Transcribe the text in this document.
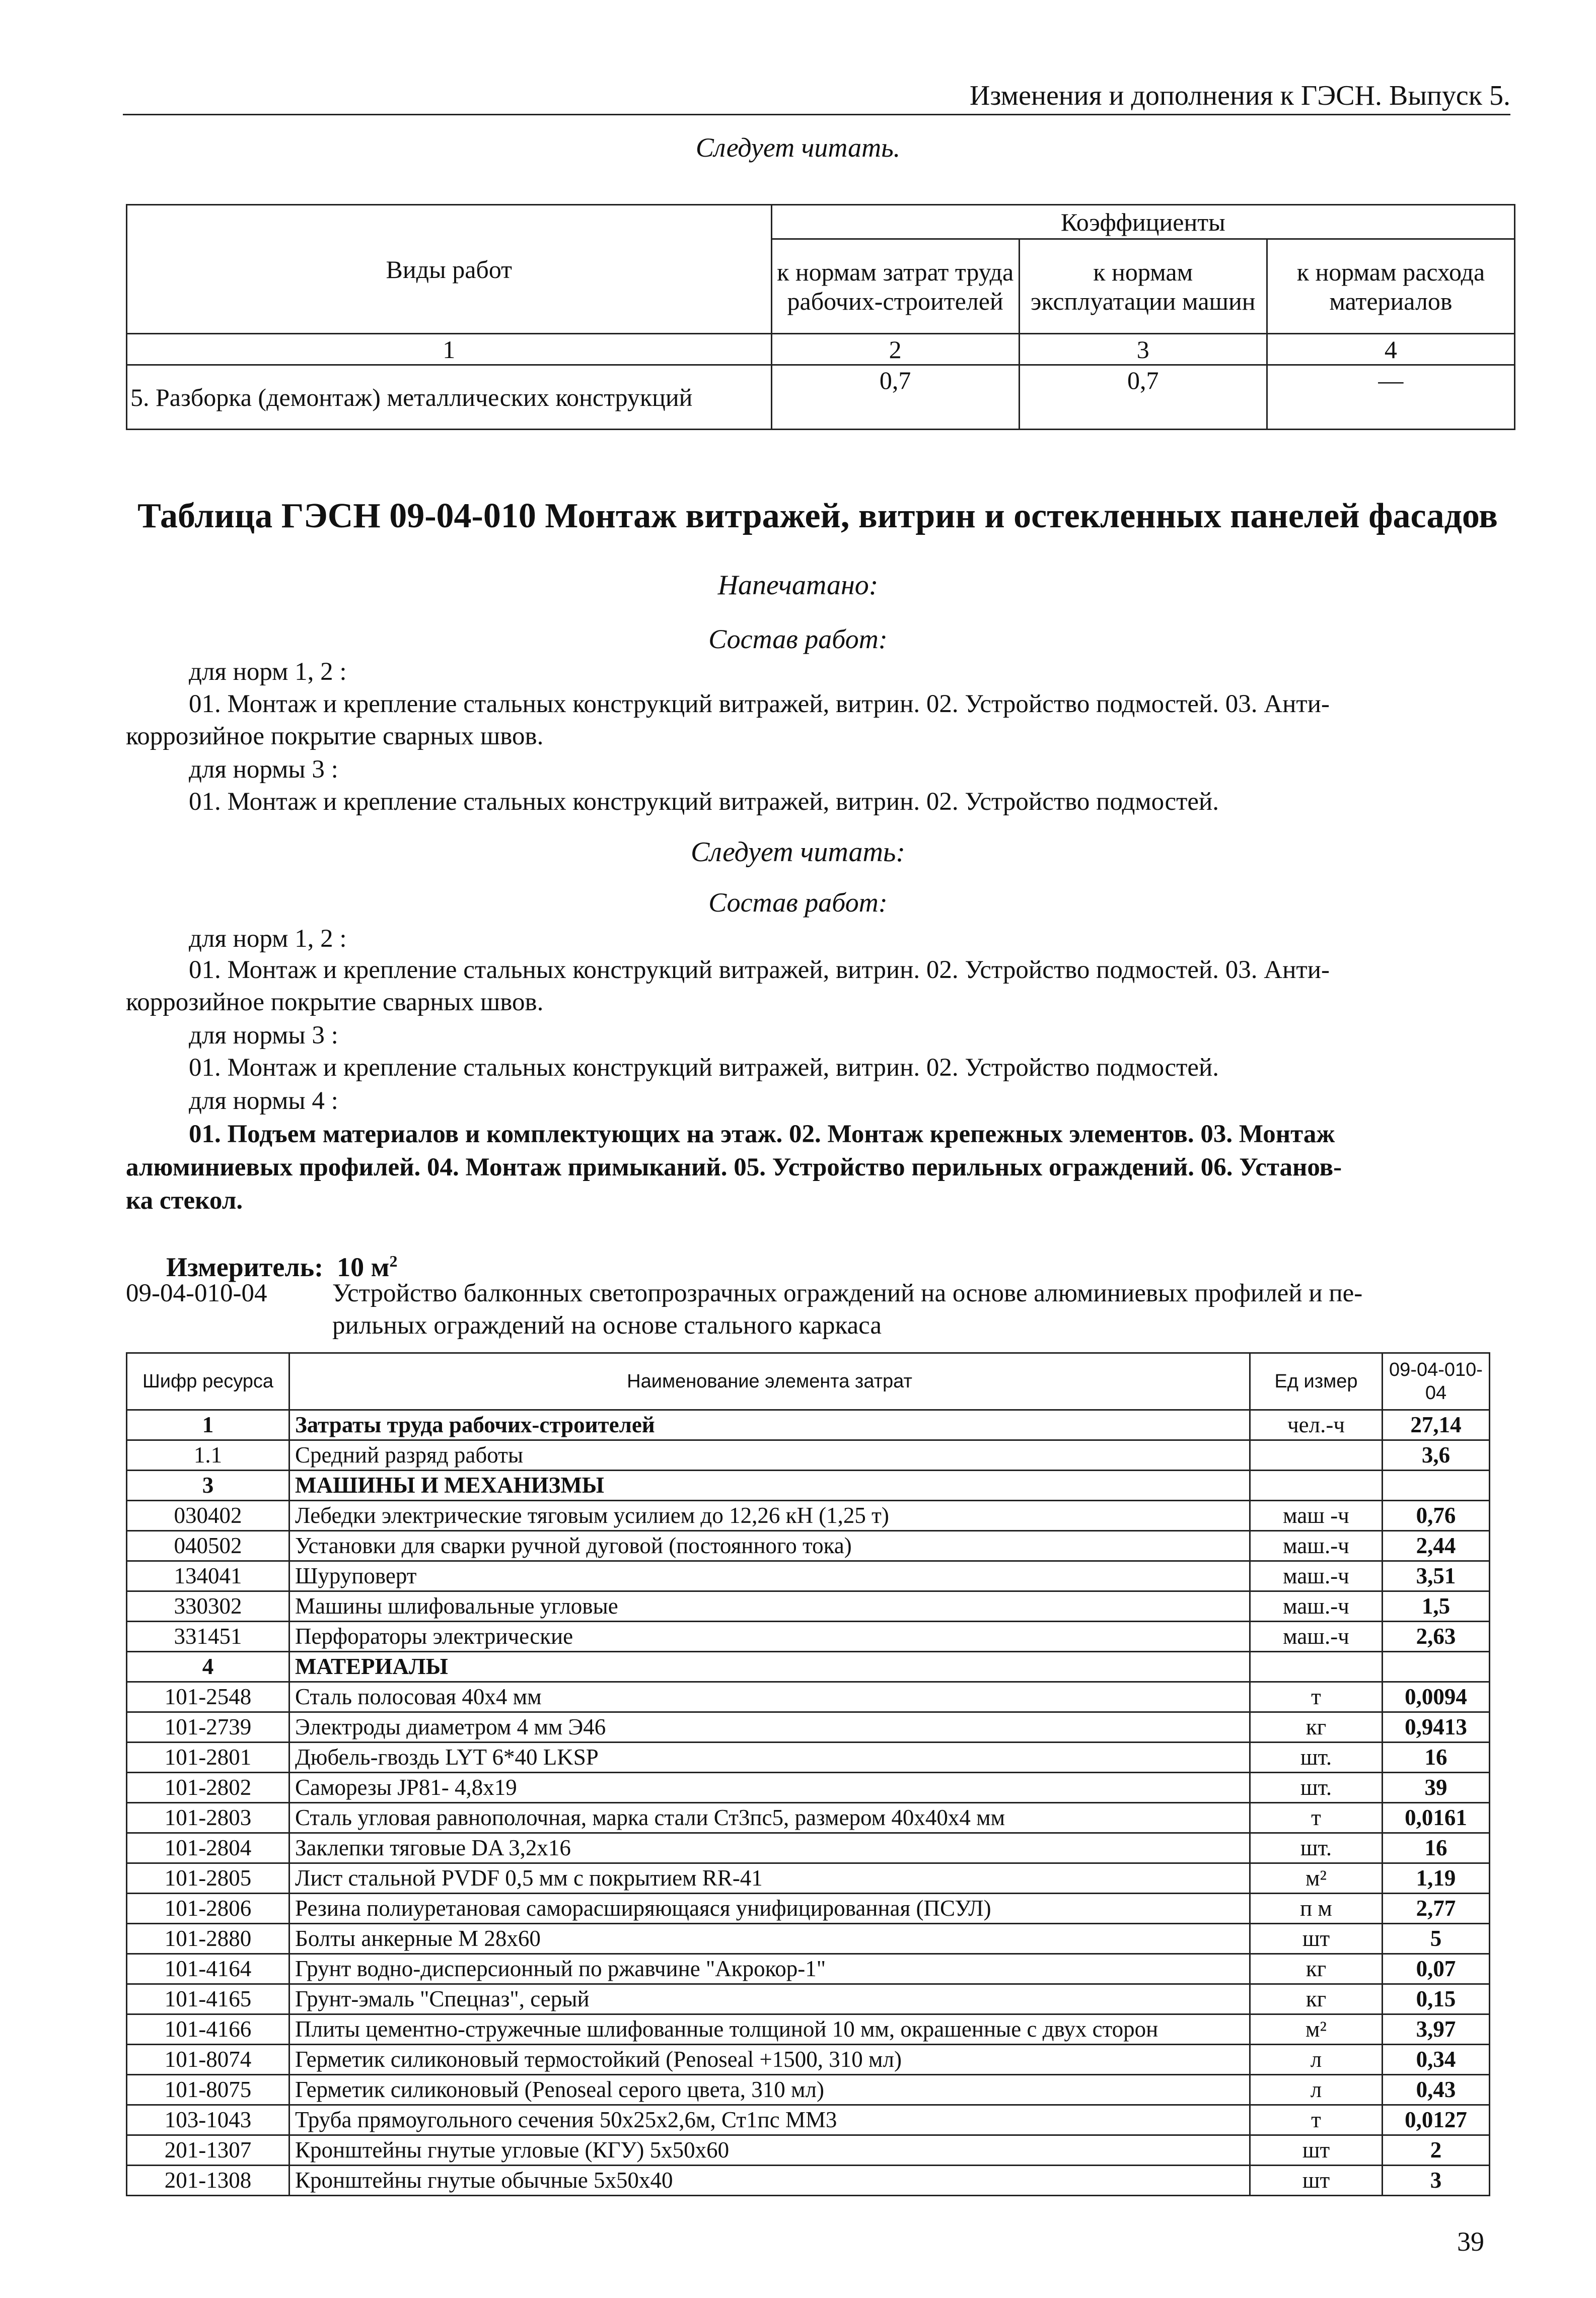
Изменения и дополнения к ГЭСН. Выпуск 5.
Следует читать.
Виды работ	Коэффициенты		
	к нормам затрат труда рабочих-строителей	к нормам эксплуатации машин	к нормам расхода материалов
1	2	3	4
5. Разборка (демонтаж) металлических конструкций	0,7	0,7	—
Таблица ГЭСН 09-04-010 Монтаж витражей, витрин и остекленных панелей фасадов
Напечатано:
Состав работ:
для норм 1, 2 :
01. Монтаж и крепление стальных конструкций витражей, витрин. 02. Устройство подмостей. 03. Анти-
коррозийное покрытие сварных швов.
для нормы 3 :
01. Монтаж и крепление стальных конструкций витражей, витрин. 02. Устройство подмостей.
Следует читать:
Состав работ:
для норм 1, 2 :
01. Монтаж и крепление стальных конструкций витражей, витрин. 02. Устройство подмостей. 03. Анти-
коррозийное покрытие сварных швов.
для нормы 3 :
01. Монтаж и крепление стальных конструкций витражей, витрин. 02. Устройство подмостей.
для нормы 4 :
01. Подъем материалов и комплектующих на этаж. 02. Монтаж крепежных элементов. 03. Монтаж
алюминиевых профилей. 04. Монтаж примыканий. 05. Устройство перильных ограждений. 06. Установ-
ка стекол.
Измеритель: 10 $м^2$
09-04-010-04	Устройство балконных светопрозрачных ограждений на основе алюминиевых профилей и пе-
рильных ограждений на основе стального каркаса
Шифр ресурса	Наименование элемента затрат	Ед измер	09-04-010-04
1	Затраты труда рабочих-строителей	чел.-ч	27,14
1.1	Средний разряд работы		3,6
3	МАШИНЫ И МЕХАНИЗМЫ		
030402	Лебедки электрические тяговым усилием до 12,26 кН (1,25 т)	маш -ч	0,76
040502	Установки для сварки ручной дуговой (постоянного тока)	маш.-ч	2,44
134041	Шуруповерт	маш.-ч	3,51
330302	Машины шлифовальные угловые	маш.-ч	1,5
331451	Перфораторы электрические	маш.-ч	2,63
4	МАТЕРИАЛЫ		
101-2548	Сталь полосовая 40х4 мм	т	0,0094
101-2739	Электроды диаметром 4 мм Э46	кг	0,9413
101-2801	Дюбель-гвоздь LYT 6*40 LKSP	шт.	16
101-2802	Саморезы JP81- 4,8х19	шт.	39
101-2803	Сталь угловая равнополочная, марка стали Ст3пс5, размером 40х40х4 мм	т	0,0161
101-2804	Заклепки тяговые DA 3,2х16	шт.	16
101-2805	Лист стальной PVDF 0,5 мм с покрытием RR-41	м²	1,19
101-2806	Резина полиуретановая саморасширяющаяся унифицированная (ПСУЛ)	п м	2,77
101-2880	Болты анкерные М 28х60	шт	5
101-4164	Грунт водно-дисперсионный по ржавчине "Акрокор-1"	кг	0,07
101-4165	Грунт-эмаль "Спецназ", серый	кг	0,15
101-4166	Плиты цементно-стружечные шлифованные толщиной 10 мм, окрашенные с двух сторон	м²	3,97
101-8074	Герметик силиконовый термостойкий (Penoseal +1500, 310 мл)	л	0,34
101-8075	Герметик силиконовый (Penoseal серого цвета, 310 мл)	л	0,43
103-1043	Труба прямоугольного сечения 50х25х2,6м, Ст1пс ММ3	т	0,0127
201-1307	Кронштейны гнутые угловые (КГУ) 5х50х60	шт	2
201-1308	Кронштейны гнутые обычные 5х50х40	шт	3
39
